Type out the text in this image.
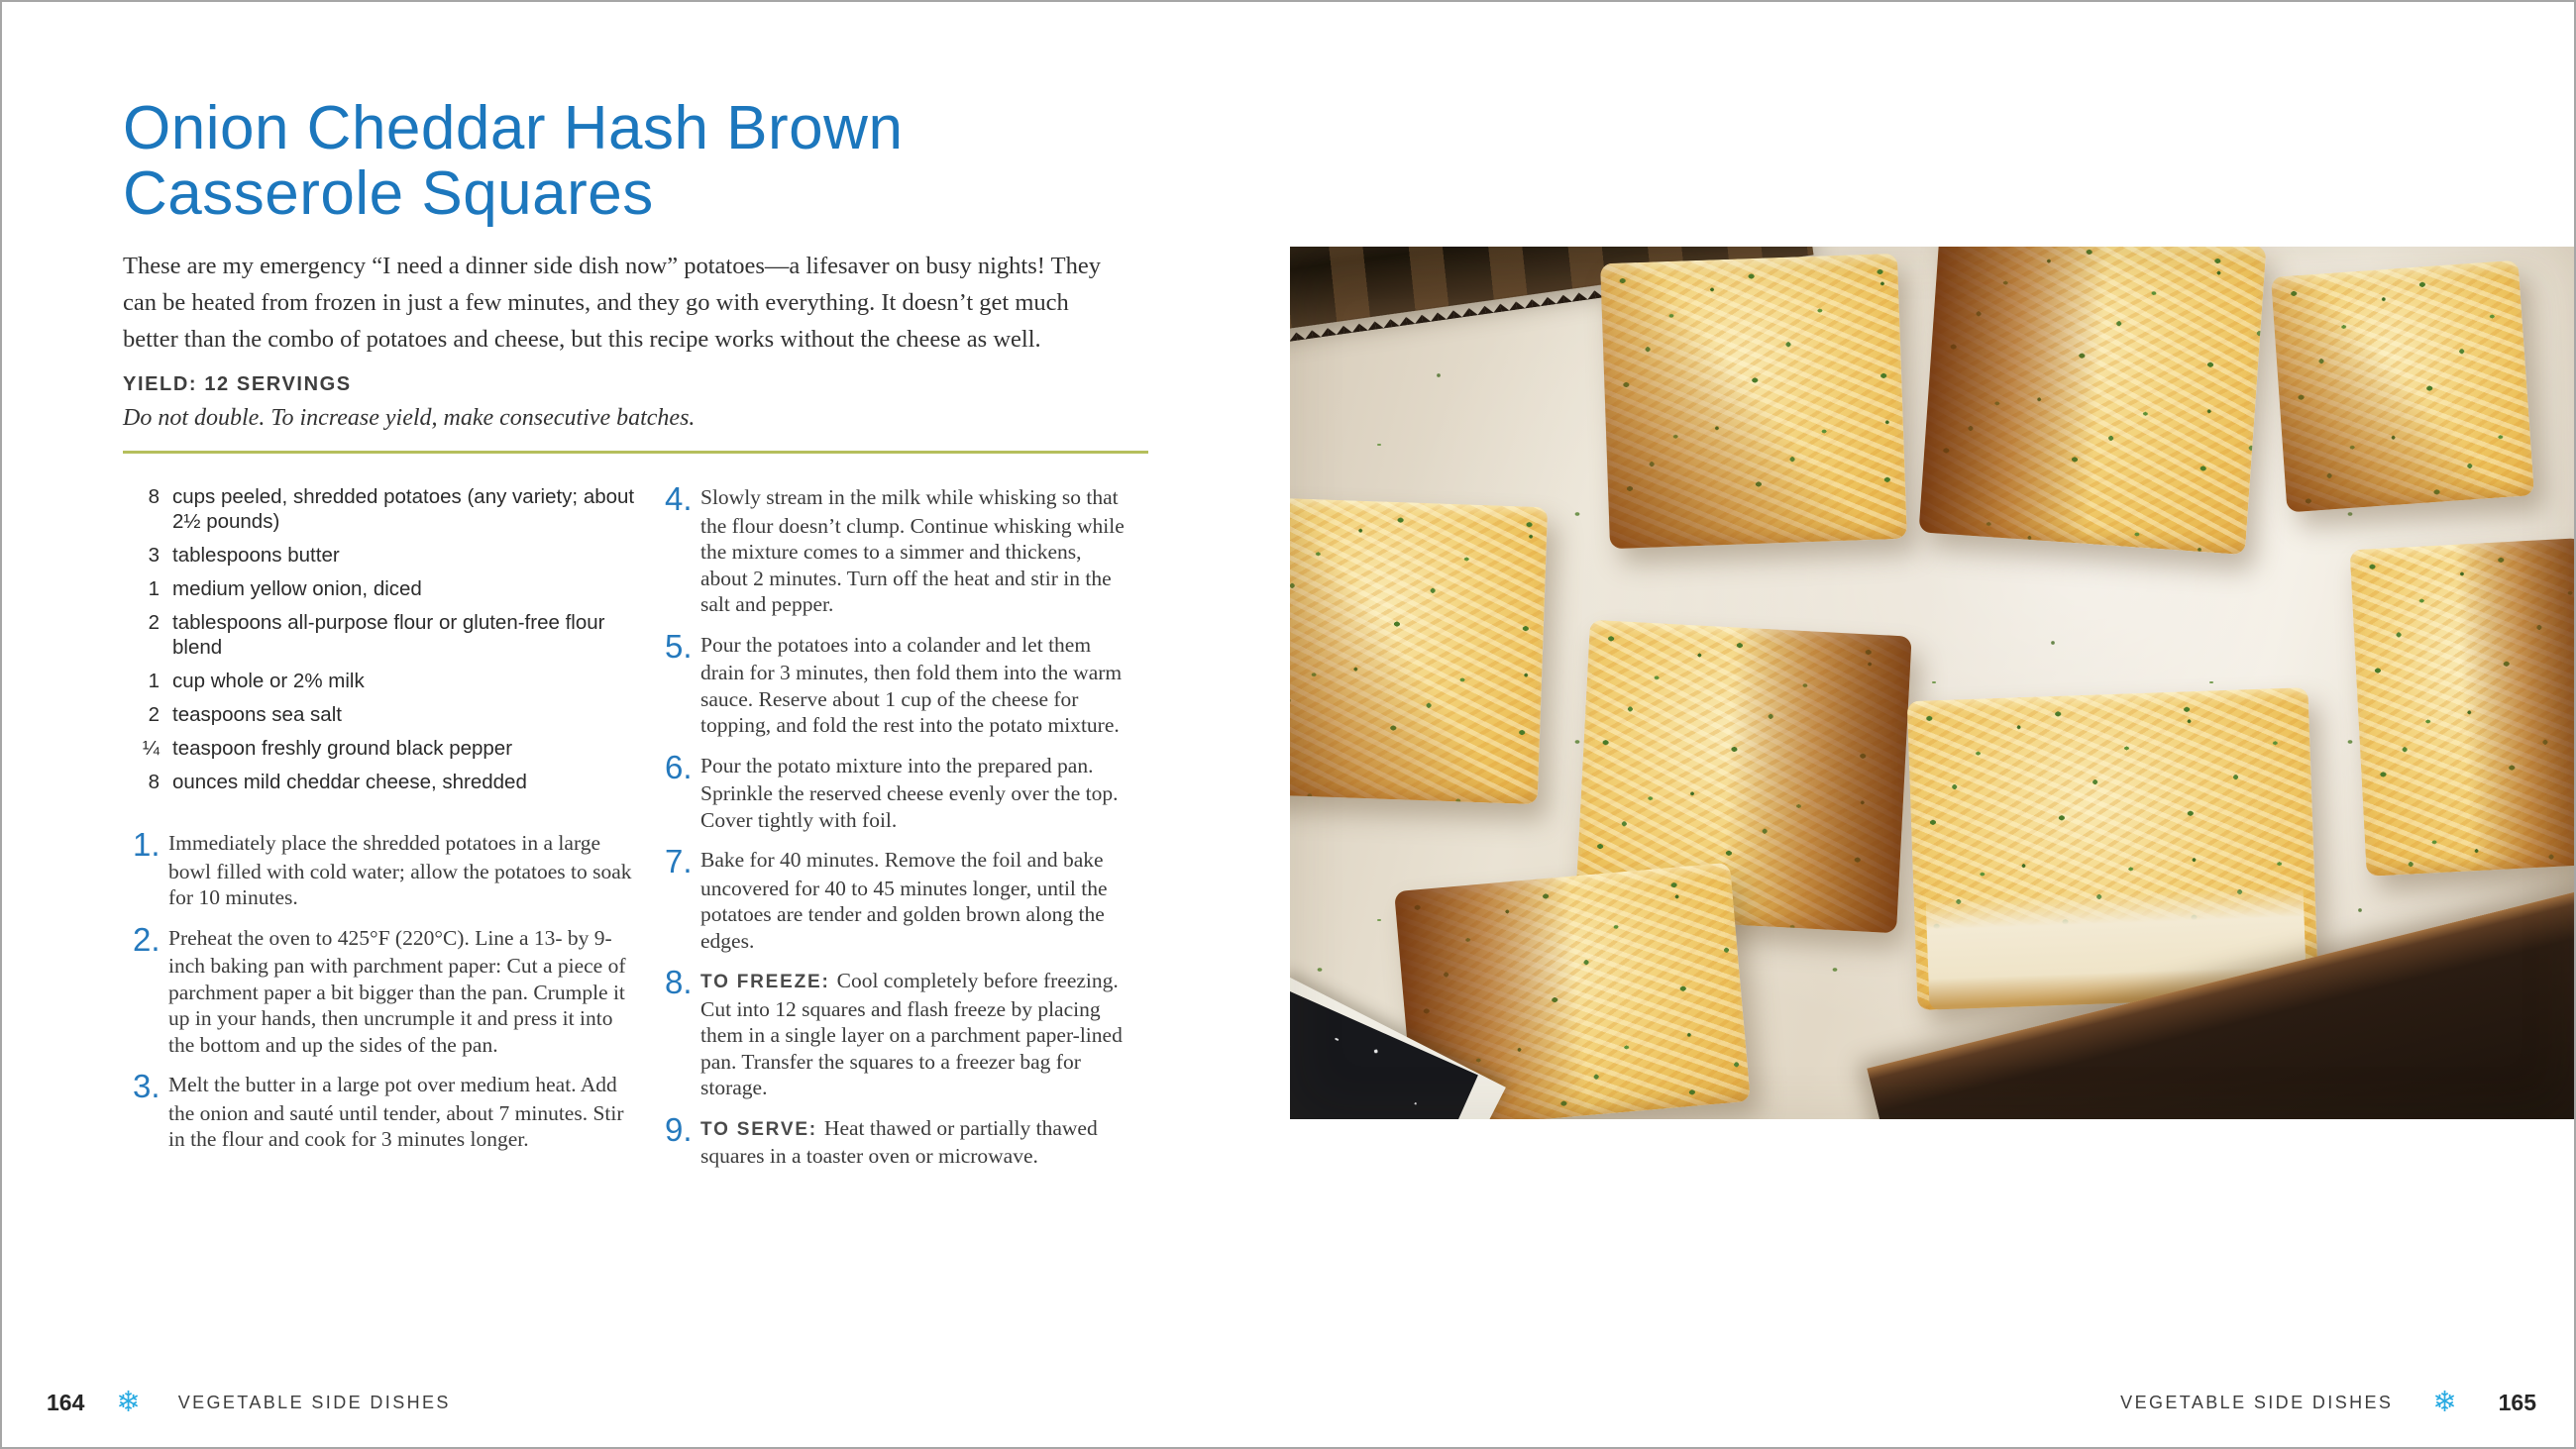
Onion Cheddar Hash Brown Casserole Squares

These are my emergency “I need a dinner side dish now” potatoes—a lifesaver on busy nights! They can be heated from frozen in just a few minutes, and they go with everything. It doesn’t get much better than the combo of potatoes and cheese, but this recipe works without the cheese as well.

YIELD: 12 SERVINGS

Do not double. To increase yield, make consecutive batches.

8 cups peeled, shredded potatoes (any variety; about 2½ pounds)
3 tablespoons butter
1 medium yellow onion, diced
2 tablespoons all-purpose flour or gluten-free flour blend
1 cup whole or 2% milk
2 teaspoons sea salt
¼ teaspoon freshly ground black pepper
8 ounces mild cheddar cheese, shredded
1. Immediately place the shredded potatoes in a large bowl filled with cold water; allow the potatoes to soak for 10 minutes.

2. Preheat the oven to 425°F (220°C). Line a 13- by 9-inch baking pan with parchment paper: Cut a piece of parchment paper a bit bigger than the pan. Crumple it up in your hands, then uncrumple it and press it into the bottom and up the sides of the pan.

3. Melt the butter in a large pot over medium heat. Add the onion and sauté until tender, about 7 minutes. Stir in the flour and cook for 3 minutes longer.

4. Slowly stream in the milk while whisking so that the flour doesn’t clump. Continue whisking while the mixture comes to a simmer and thickens, about 2 minutes. Turn off the heat and stir in the salt and pepper.

5. Pour the potatoes into a colander and let them drain for 3 minutes, then fold them into the warm sauce. Reserve about 1 cup of the cheese for topping, and fold the rest into the potato mixture.

6. Pour the potato mixture into the prepared pan. Sprinkle the reserved cheese evenly over the top. Cover tightly with foil.

7. Bake for 40 minutes. Remove the foil and bake uncovered for 40 to 45 minutes longer, until the potatoes are tender and golden brown along the edges.

8. TO FREEZE: Cool completely before freezing. Cut into 12 squares and flash freeze by placing them in a single layer on a parchment paper-lined pan. Transfer the squares to a freezer bag for storage.

9. TO SERVE: Heat thawed or partially thawed squares in a toaster oven or microwave.

164 ❄ VEGETABLE SIDE DISHES	VEGETABLE SIDE DISHES ❄ 165
